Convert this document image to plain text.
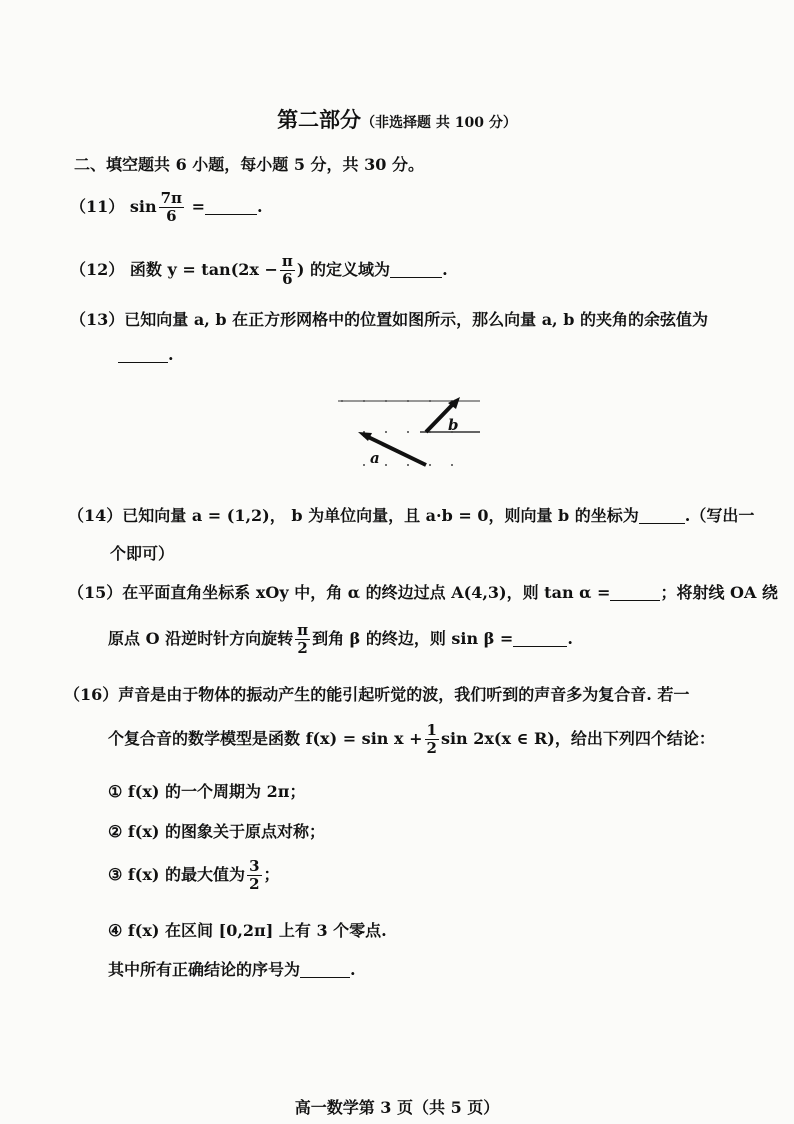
第二部分（非选择题 共 100 分）
二、填空题共 6 小题，每小题 5 分，共 30 分。
（11） $\sin \frac{7\pi}{6}$ =	.
（12） 函数 $y = \tan(2x - \frac{\pi}{6}$ ) 的定义域为	.
（13）已知向量 a, b 在正方形网格中的位置如图所示，那么向量 a, b 的夹角的余弦值为
.
b
a
（14）已知向量 a = (1,2)， b 为单位向量，且 a·b = 0，则向量 b 的坐标为	.（写出一
个即可）
（15）在平面直角坐标系 xOy 中，角 α 的终边过点 A(4,3)，则 tan α =	；将射线 OA 绕
原点 O 沿逆时针方向旋转 $\frac{\pi}{2}$ 到角 β 的终边，则 sin β =	.
（16）声音是由于物体的振动产生的能引起听觉的波，我们听到的声音多为复合音. 若一
个复合音的数学模型是函数 $f(x) = \sin x + \frac{1}{2}$ sin 2x(x ∈ R)，给出下列四个结论：
① f(x) 的一个周期为 2π；
② f(x) 的图象关于原点对称；
③ f(x) 的最大值为 $\frac{3}{2}$ ；
④ f(x) 在区间 [0,2π] 上有 3 个零点.
其中所有正确结论的序号为	.
高一数学第 3 页（共 5 页）
